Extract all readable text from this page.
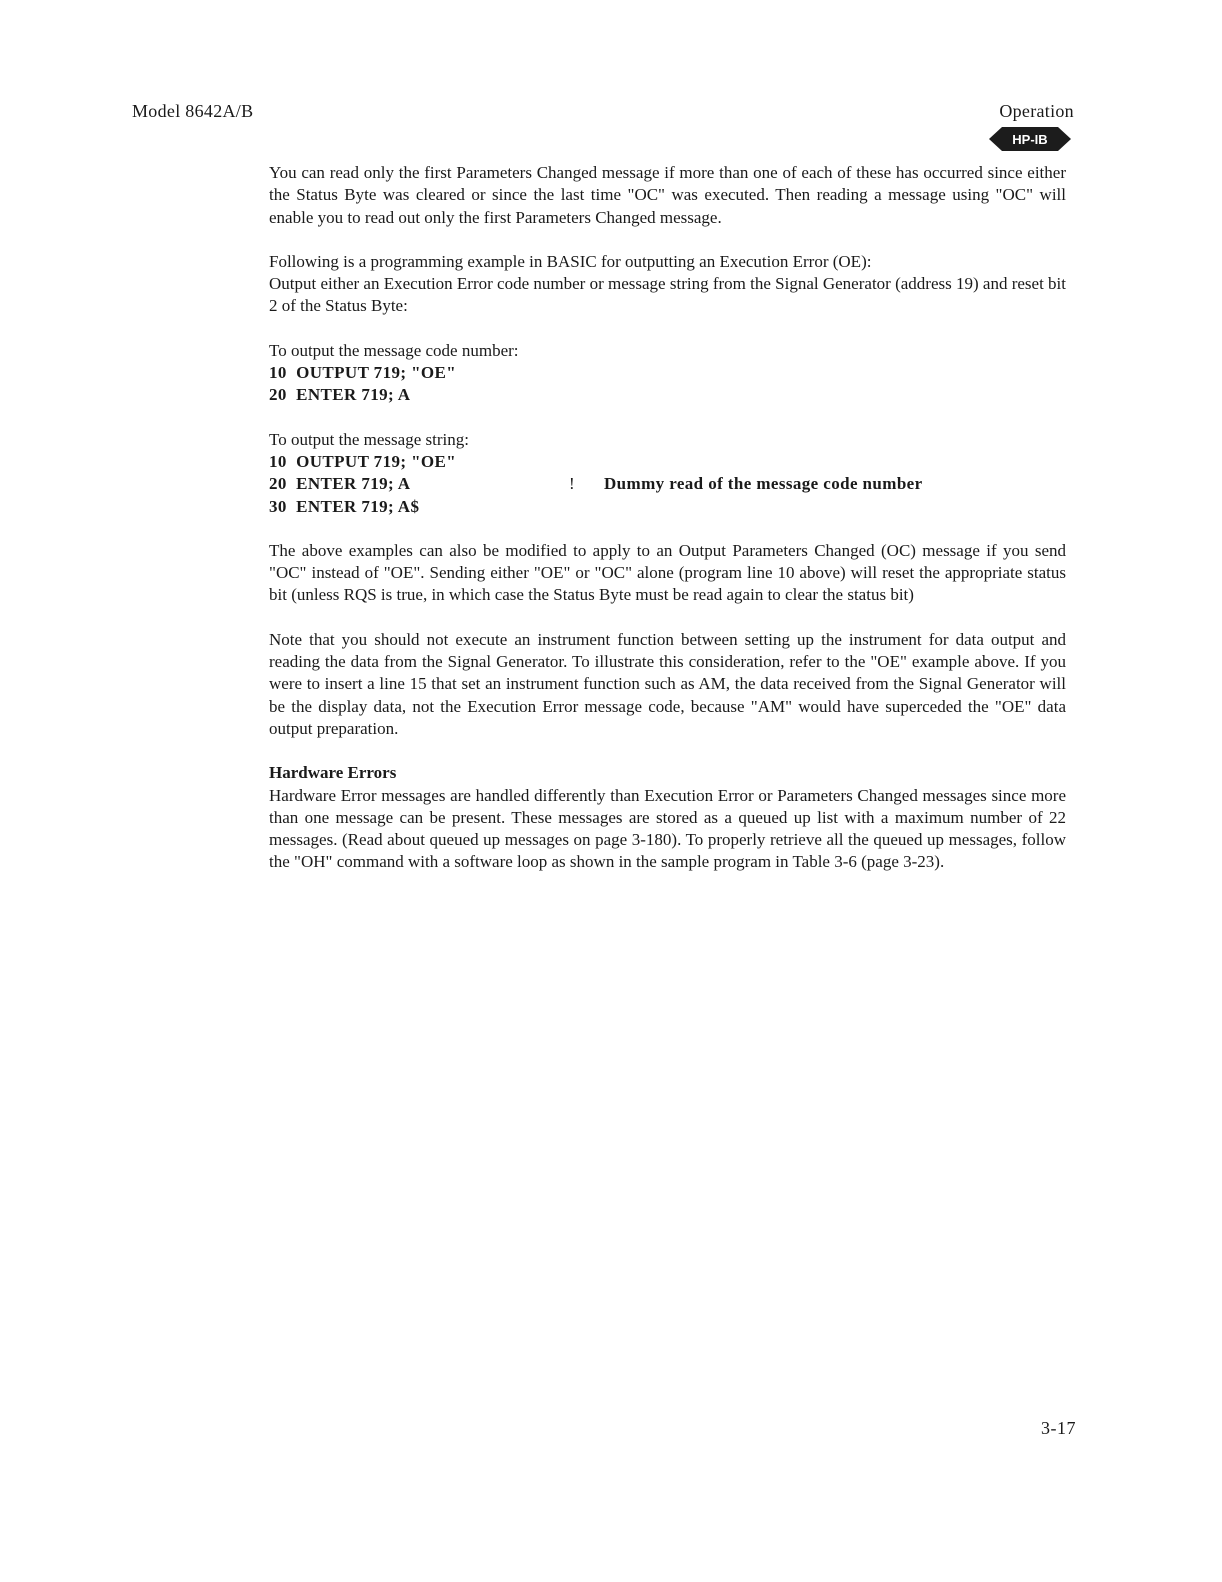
Model 8642A/B	Operation
HP-IB

You can read only the first Parameters Changed message if more than one of each of these has occurred since either the Status Byte was cleared or since the last time "OC" was executed. Then reading a message using "OC" will enable you to read out only the first Parameters Changed message.

Following is a programming example in BASIC for outputting an Execution Error (OE):
Output either an Execution Error code number or message string from the Signal Generator (address 19) and reset bit 2 of the Status Byte:

To output the message code number:
10  OUTPUT 719; "OE"
20  ENTER 719; A
To output the message string:
10  OUTPUT 719; "OE"
20  ENTER 719; A	!	Dummy read of the message code number
30  ENTER 719; A$

The above examples can also be modified to apply to an Output Parameters Changed (OC) message if you send "OC" instead of "OE". Sending either "OE" or "OC" alone (program line 10 above) will reset the appropriate status bit (unless RQS is true, in which case the Status Byte must be read again to clear the status bit)

Note that you should not execute an instrument function between setting up the instrument for data output and reading the data from the Signal Generator. To illustrate this consideration, refer to the "OE" example above. If you were to insert a line 15 that set an instrument function such as AM, the data received from the Signal Generator will be the display data, not the Execution Error message code, because "AM" would have superceded the "OE" data output preparation.

Hardware Errors

Hardware Error messages are handled differently than Execution Error or Parameters Changed messages since more than one message can be present. These messages are stored as a queued up list with a maximum number of 22 messages. (Read about queued up messages on page 3-180). To properly retrieve all the queued up messages, follow the "OH" command with a software loop as shown in the sample program in Table 3-6 (page 3-23).

3-17
